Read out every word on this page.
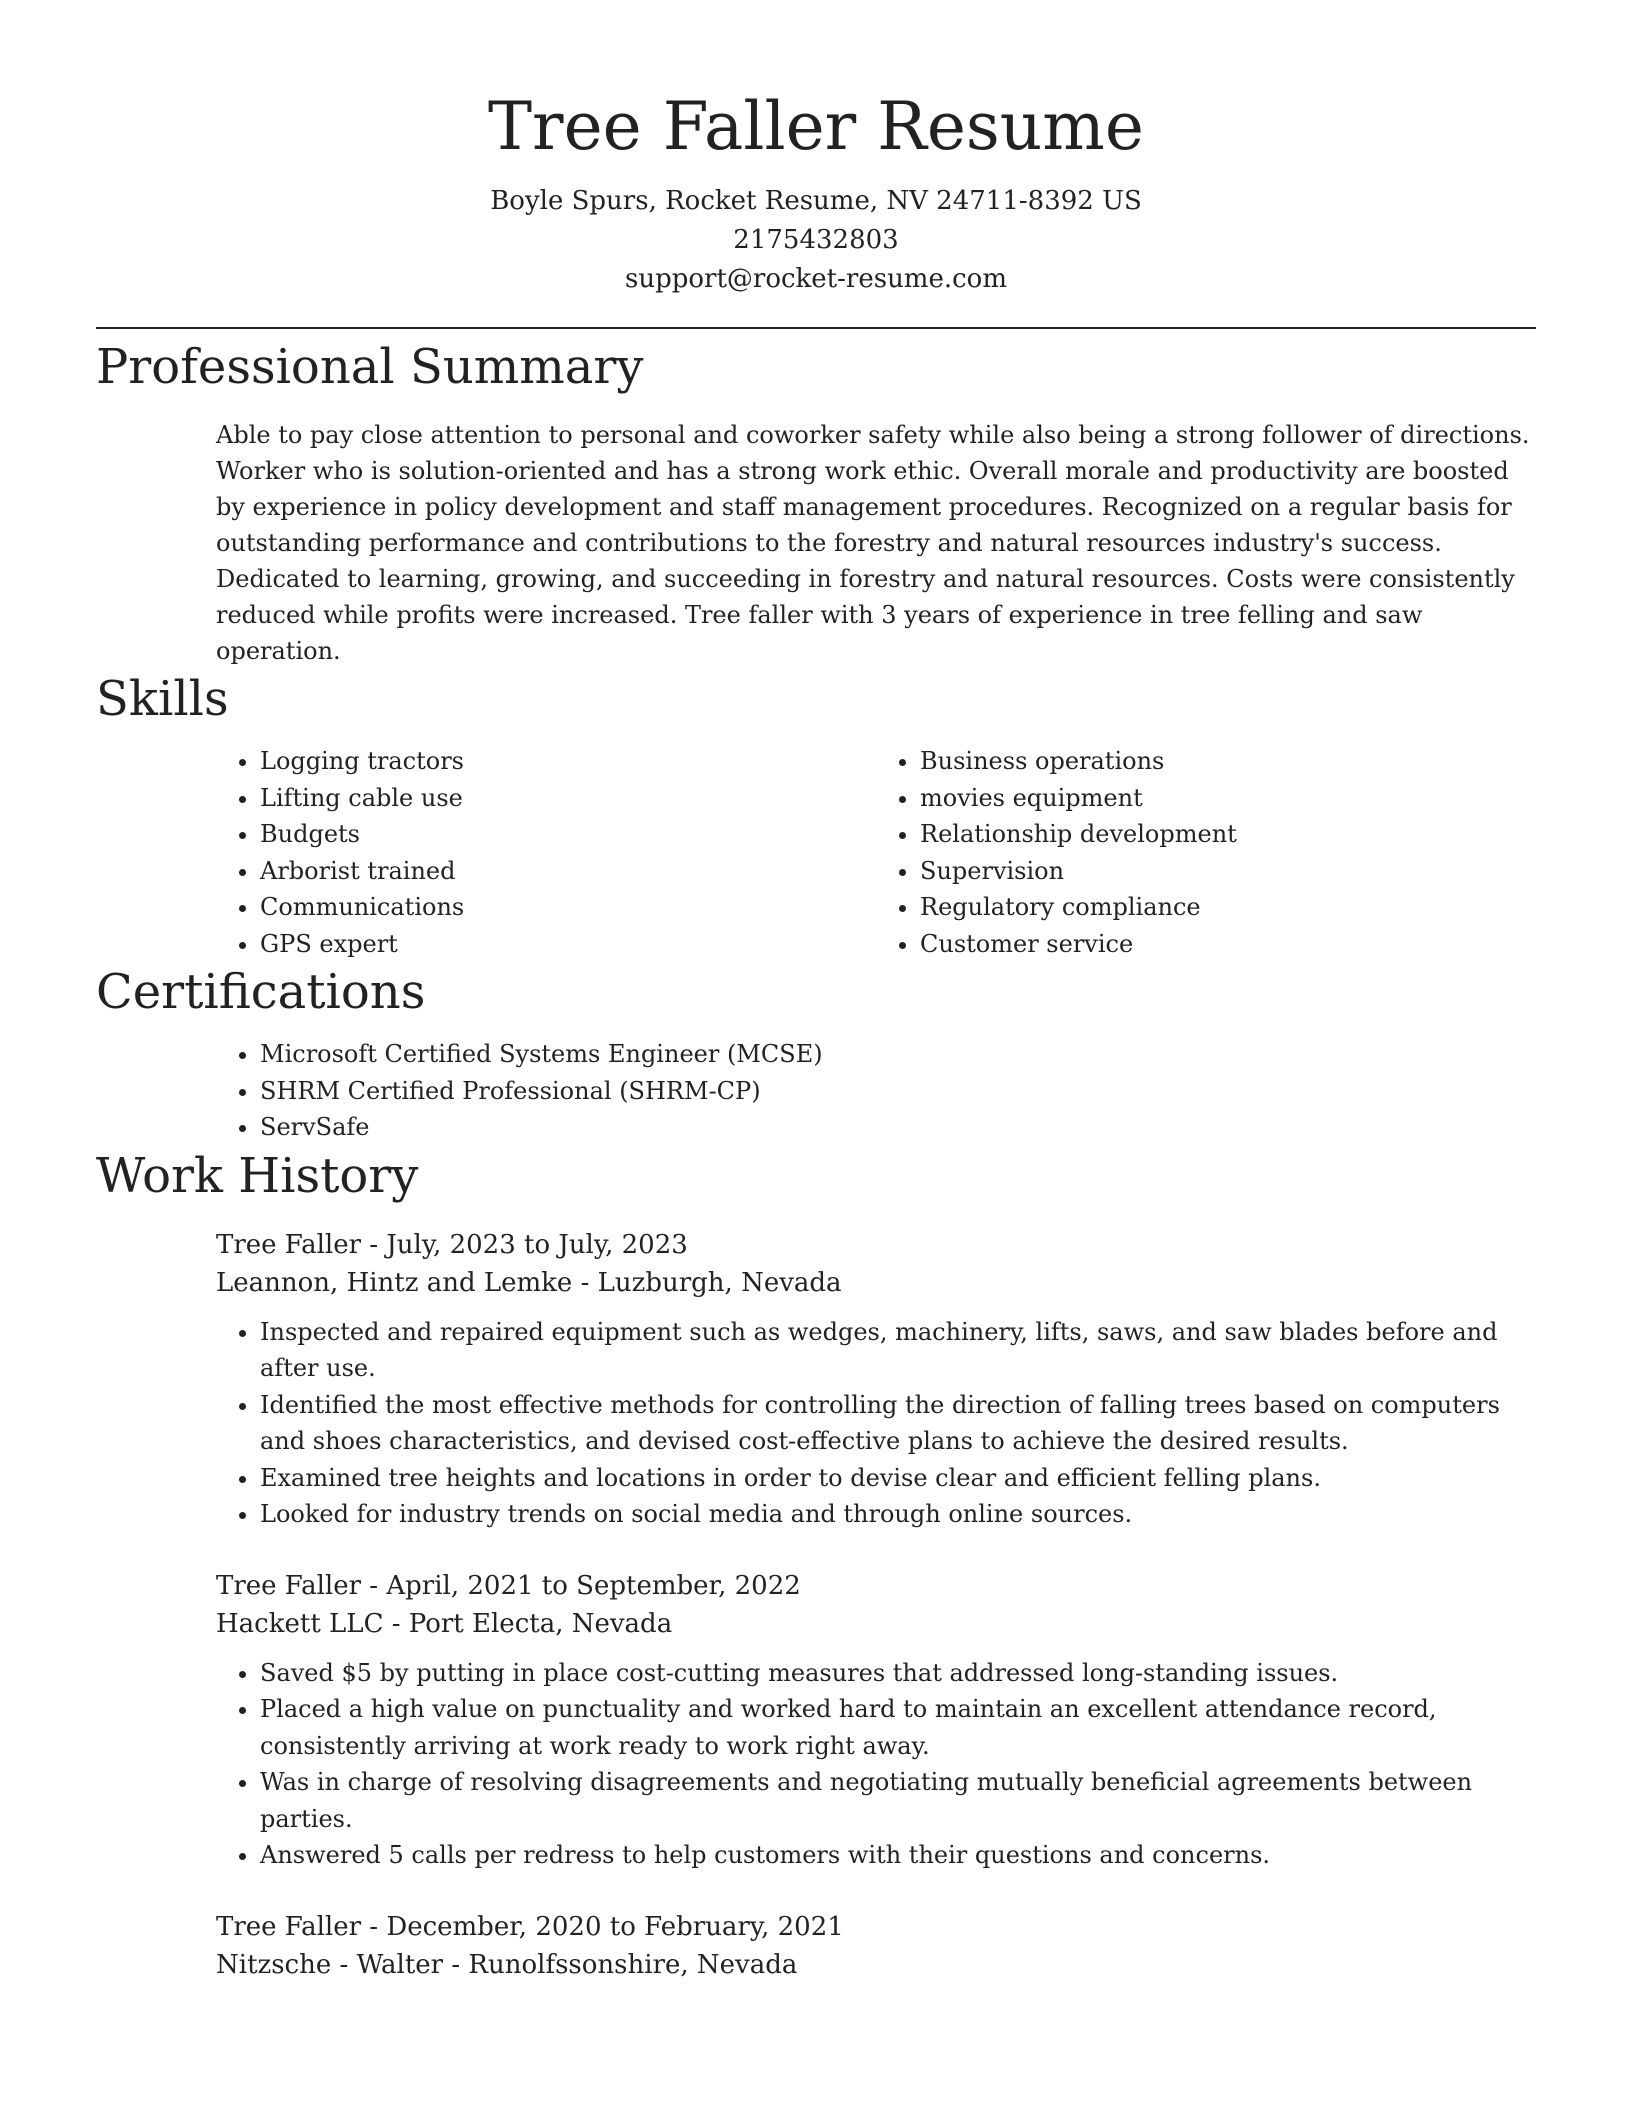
Tree Faller Resume
Boyle Spurs, Rocket Resume, NV 24711-8392 US
2175432803
support@rocket-resume.com
Professional Summary

Able to pay close attention to personal and coworker safety while also being a strong follower of directions. Worker who is solution-oriented and has a strong work ethic. Overall morale and productivity are boosted by experience in policy development and staff management procedures. Recognized on a regular basis for outstanding performance and contributions to the forestry and natural resources industry's success. Dedicated to learning, growing, and succeeding in forestry and natural resources. Costs were consistently reduced while profits were increased. Tree faller with 3 years of experience in tree felling and saw operation.

Skills
• Logging tractors
• Lifting cable use
• Budgets
• Arborist trained
• Communications
• GPS expert
• Business operations
• movies equipment
• Relationship development
• Supervision
• Regulatory compliance
• Customer service
Certifications
• Microsoft Certified Systems Engineer (MCSE)
• SHRM Certified Professional (SHRM-CP)
• ServSafe
Work History
Tree Faller - July, 2023 to July, 2023
Leannon, Hintz and Lemke - Luzburgh, Nevada
• Inspected and repaired equipment such as wedges, machinery, lifts, saws, and saw blades before and after use.
• Identified the most effective methods for controlling the direction of falling trees based on computers and shoes characteristics, and devised cost-effective plans to achieve the desired results.
• Examined tree heights and locations in order to devise clear and efficient felling plans.
• Looked for industry trends on social media and through online sources.
Tree Faller - April, 2021 to September, 2022
Hackett LLC - Port Electa, Nevada
• Saved $5 by putting in place cost-cutting measures that addressed long-standing issues.
• Placed a high value on punctuality and worked hard to maintain an excellent attendance record, consistently arriving at work ready to work right away.
• Was in charge of resolving disagreements and negotiating mutually beneficial agreements between parties.
• Answered 5 calls per redress to help customers with their questions and concerns.
Tree Faller - December, 2020 to February, 2021
Nitzsche - Walter - Runolfssonshire, Nevada
